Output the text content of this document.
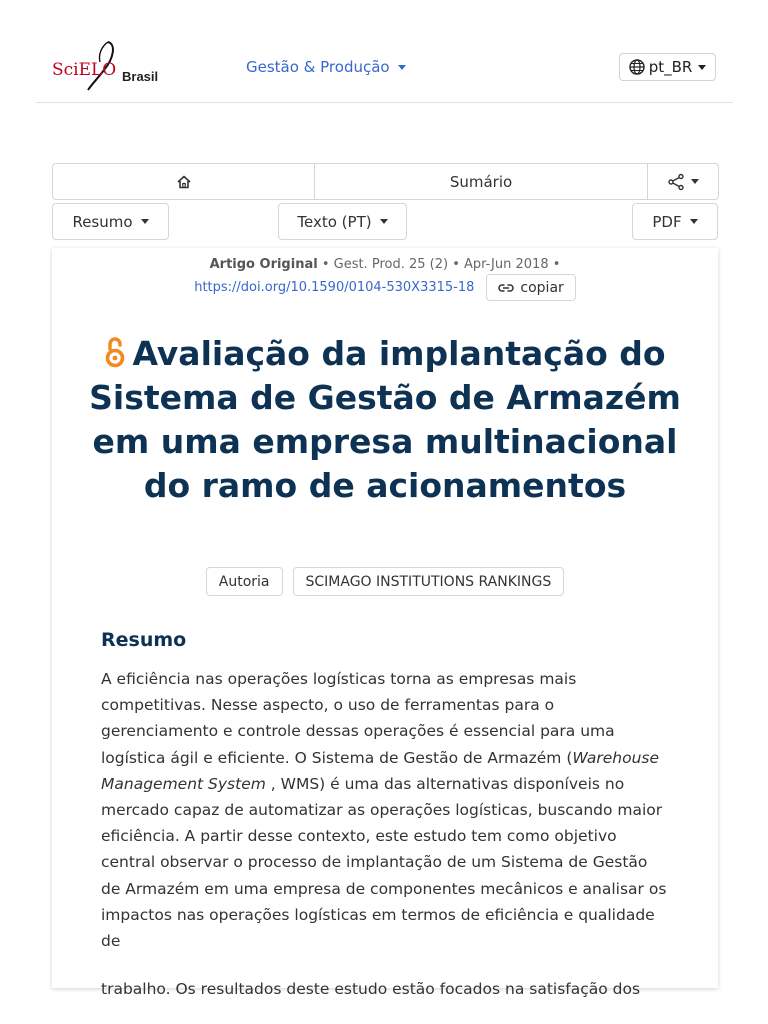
SciELO Brasil
Gestão & Produção	pt_BR
Sumário
Resumo	Texto (PT)	PDF
Artigo Original • Gest. Prod. 25 (2) • Apr-Jun 2018 •
https://doi.org/10.1590/0104-530X3315-18	copiar
Avaliação da implantação do Sistema de Gestão de Armazém em uma empresa multinacional do ramo de acionamentos
Autoria	SCIMAGO INSTITUTIONS RANKINGS
Resumo

A eficiência nas operações logísticas torna as empresas mais competitivas. Nesse aspecto, o uso de ferramentas para o gerenciamento e controle dessas operações é essencial para uma logística ágil e eficiente. O Sistema de Gestão de Armazém (Warehouse Management System , WMS) é uma das alternativas disponíveis no mercado capaz de automatizar as operações logísticas, buscando maior eficiência. A partir desse contexto, este estudo tem como objetivo central observar o processo de implantação de um Sistema de Gestão de Armazém em uma empresa de componentes mecânicos e analisar os impactos nas operações logísticas em termos de eficiência e qualidade de

trabalho. Os resultados deste estudo estão focados na satisfação dos
